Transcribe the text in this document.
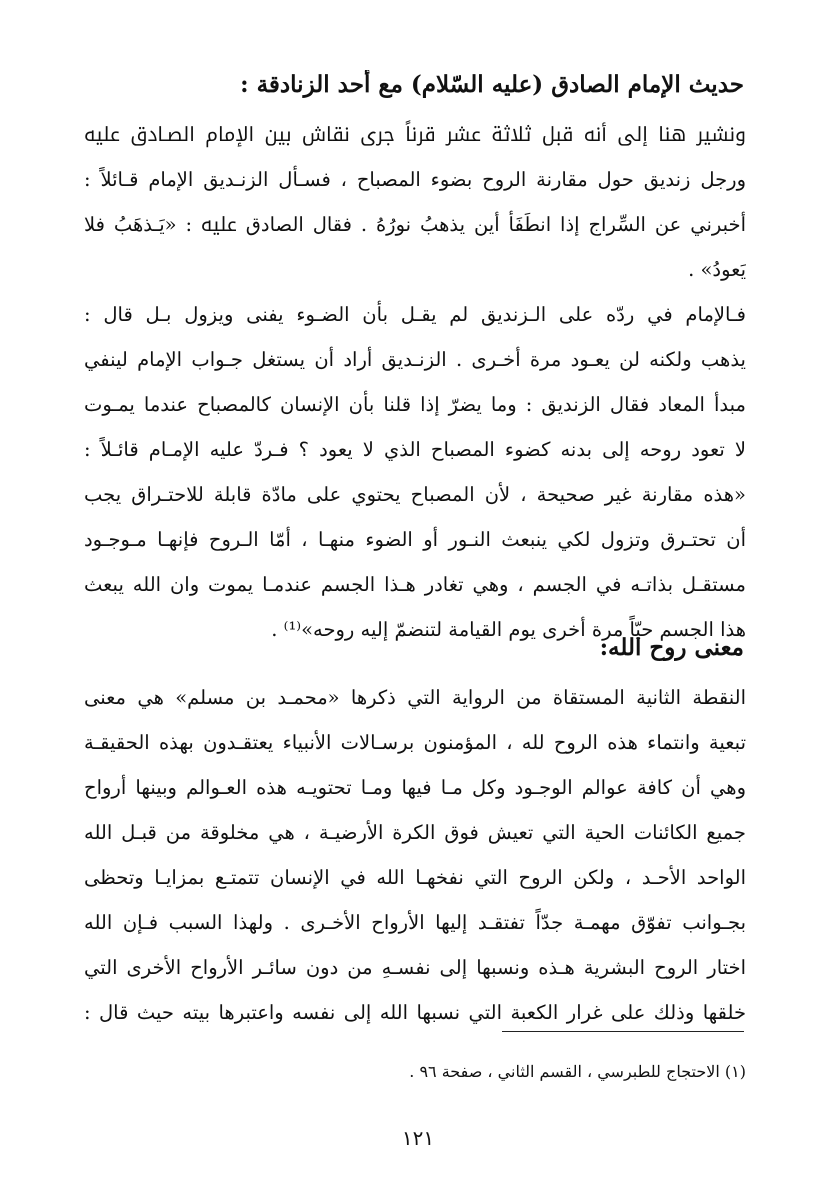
حديث الإمام الصادق (عليه السّلام) مع أحد الزنادقة :
ونشير هنا إلى أنه قبل ثلاثة عشر قرناً جرى نقاش بين الإمام الصـادق ﷷ
ورجل زنديق حول مقارنة الروح بضوء المصباح ، فسـأل الزنـديق الإمام قـائلاً :
أخبرني عن السِّراج إذا انطَفَأ أين يذهبُ نورُهُ . فقال الصادق ﷷ : «يَـذهَبُ فلا
يَعودُ» .
فـالإمام في ردّه على الـزنديق لم يقـل بأن الضـوء يفنى ويزول بـل قال :
يذهب ولكنه لن يعـود مرة أخـرى . الزنـديق أراد أن يستغل جـواب الإمام لينفي
مبدأ المعاد فقال الزنديق : وما يضرّ إذا قلنا بأن الإنسان كالمصباح عندما يمـوت
لا تعود روحه إلى بدنه كضوء المصباح الذي لا يعود ؟ فـردّ عليه الإمـام قائـلاً :
«هذه مقارنة غير صحيحة ، لأن المصباح يحتوي على مادّة قابلة للاحتـراق يجب
أن تحتـرق وتزول لكي ينبعث النـور أو الضوء منهـا ، أمّا الـروح فإنهـا مـوجـود
مستقـل بذاتـه في الجسم ، وهي تغادر هـذا الجسم عندمـا يموت وان الله يبعث
هذا الجسم حيّاً مرة أخرى يوم القيامة لتنضمّ إليه روحه»⁽¹⁾ .
معنى روح الله:
النقطة الثانية المستقاة من الرواية التي ذكرها «محمـد بن مسلم» هي معنى
تبعية وانتماء هذه الروح لله ، المؤمنون برسـالات الأنبياء يعتقـدون بهذه الحقيقـة
وهي أن كافة عوالم الوجـود وكل مـا فيها ومـا تحتويـه هذه العـوالم وبينها أرواح
جميع الكائنات الحية التي تعيش فوق الكرة الأرضيـة ، هي مخلوقة من قبـل الله
الواحد الأحـد ، ولكن الروح التي نفخهـا الله في الإنسان تتمتـع بمزايـا وتحظى
بجـوانب تفوّق مهمـة جدّاً تفتقـد إليها الأرواح الأخـرى . ولهذا السبب فـإن الله
اختار الروح البشرية هـذه ونسبها إلى نفسـهِ من دون سائـر الأرواح الأخرى التي
خلقها وذلك على غرار الكعبة التي نسبها الله إلى نفسه واعتبرها بيته حيث قال :

(١) الاحتجاج للطبرسي ، القسم الثاني ، صفحة ٩٦ .

١٢١
